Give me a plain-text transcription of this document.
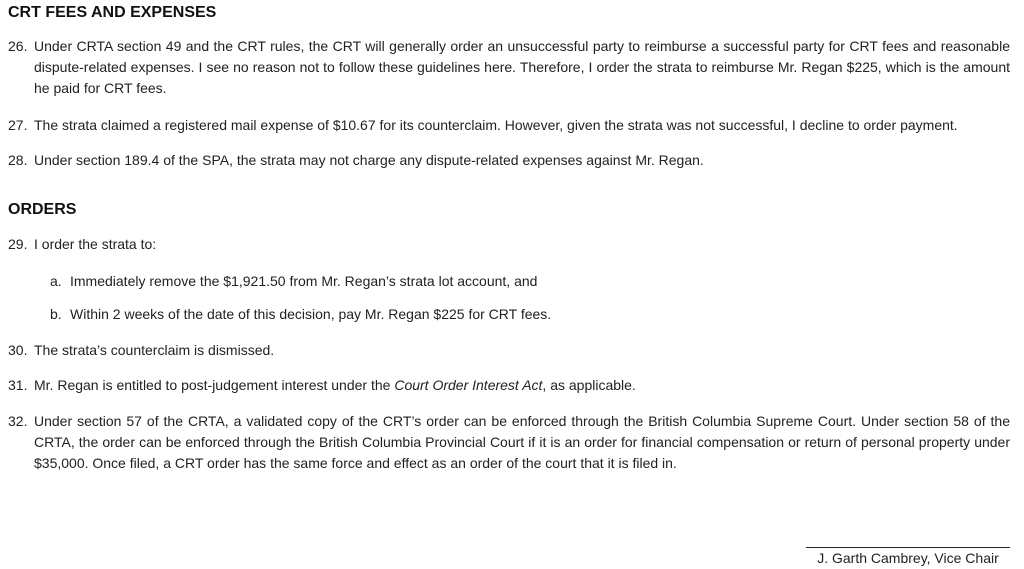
CRT FEES AND EXPENSES
26. Under CRTA section 49 and the CRT rules, the CRT will generally order an unsuccessful party to reimburse a successful party for CRT fees and reasonable dispute-related expenses. I see no reason not to follow these guidelines here. Therefore, I order the strata to reimburse Mr. Regan $225, which is the amount he paid for CRT fees.
27. The strata claimed a registered mail expense of $10.67 for its counterclaim. However, given the strata was not successful, I decline to order payment.
28. Under section 189.4 of the SPA, the strata may not charge any dispute-related expenses against Mr. Regan.
ORDERS
29. I order the strata to:
a. Immediately remove the $1,921.50 from Mr. Regan’s strata lot account, and
b. Within 2 weeks of the date of this decision, pay Mr. Regan $225 for CRT fees.
30. The strata’s counterclaim is dismissed.
31. Mr. Regan is entitled to post-judgement interest under the Court Order Interest Act, as applicable.
32. Under section 57 of the CRTA, a validated copy of the CRT’s order can be enforced through the British Columbia Supreme Court. Under section 58 of the CRTA, the order can be enforced through the British Columbia Provincial Court if it is an order for financial compensation or return of personal property under $35,000. Once filed, a CRT order has the same force and effect as an order of the court that it is filed in.
J. Garth Cambrey, Vice Chair
